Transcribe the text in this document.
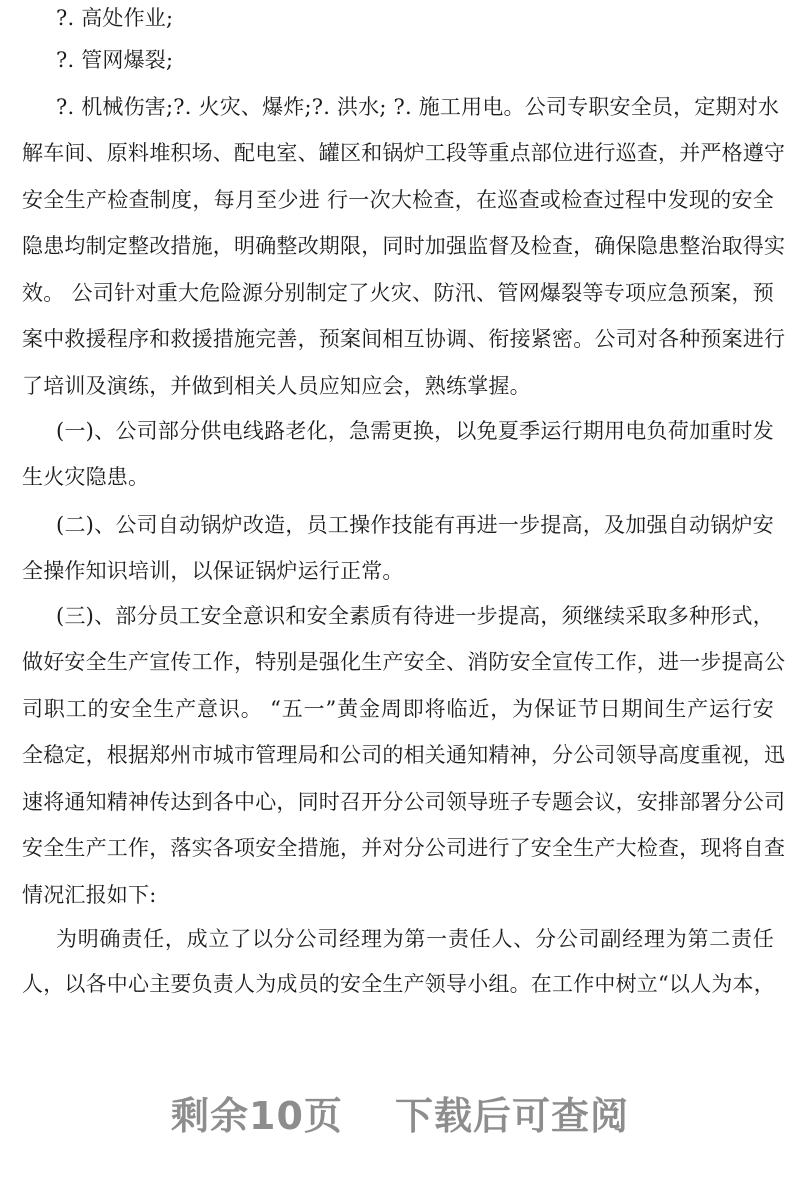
?. 高处作业;
?. 管网爆裂;
?. 机械伤害;?. 火灾、爆炸;?. 洪水; ?. 施工用电。公司专职安全员，定期对水
解车间、原料堆积场、配电室、罐区和锅炉工段等重点部位进行巡查，并严格遵守
安全生产检查制度，每月至少进 行一次大检查，在巡查或检查过程中发现的安全
隐患均制定整改措施，明确整改期限，同时加强监督及检查，确保隐患整治取得实
效。 公司针对重大危险源分别制定了火灾、防汛、管网爆裂等专项应急预案，预
案中救援程序和救援措施完善，预案间相互协调、衔接紧密。公司对各种预案进行
了培训及演练，并做到相关人员应知应会，熟练掌握。
(一)、公司部分供电线路老化，急需更换，以免夏季运行期用电负荷加重时发
生火灾隐患。
(二)、公司自动锅炉改造，员工操作技能有再进一步提高，及加强自动锅炉安
全操作知识培训，以保证锅炉运行正常。
(三)、部分员工安全意识和安全素质有待进一步提高，须继续采取多种形式，
做好安全生产宣传工作，特别是强化生产安全、消防安全宣传工作，进一步提高公
司职工的安全生产意识。 “五一”黄金周即将临近，为保证节日期间生产运行安
全稳定，根据郑州市城市管理局和公司的相关通知精神，分公司领导高度重视，迅
速将通知精神传达到各中心，同时召开分公司领导班子专题会议，安排部署分公司
安全生产工作，落实各项安全措施，并对分公司进行了安全生产大检查，现将自查
情况汇报如下:
为明确责任，成立了以分公司经理为第一责任人、分公司副经理为第二责任
人，以各中心主要负责人为成员的安全生产领导小组。在工作中树立“以人为本，
剩余10页 下载后可查阅
